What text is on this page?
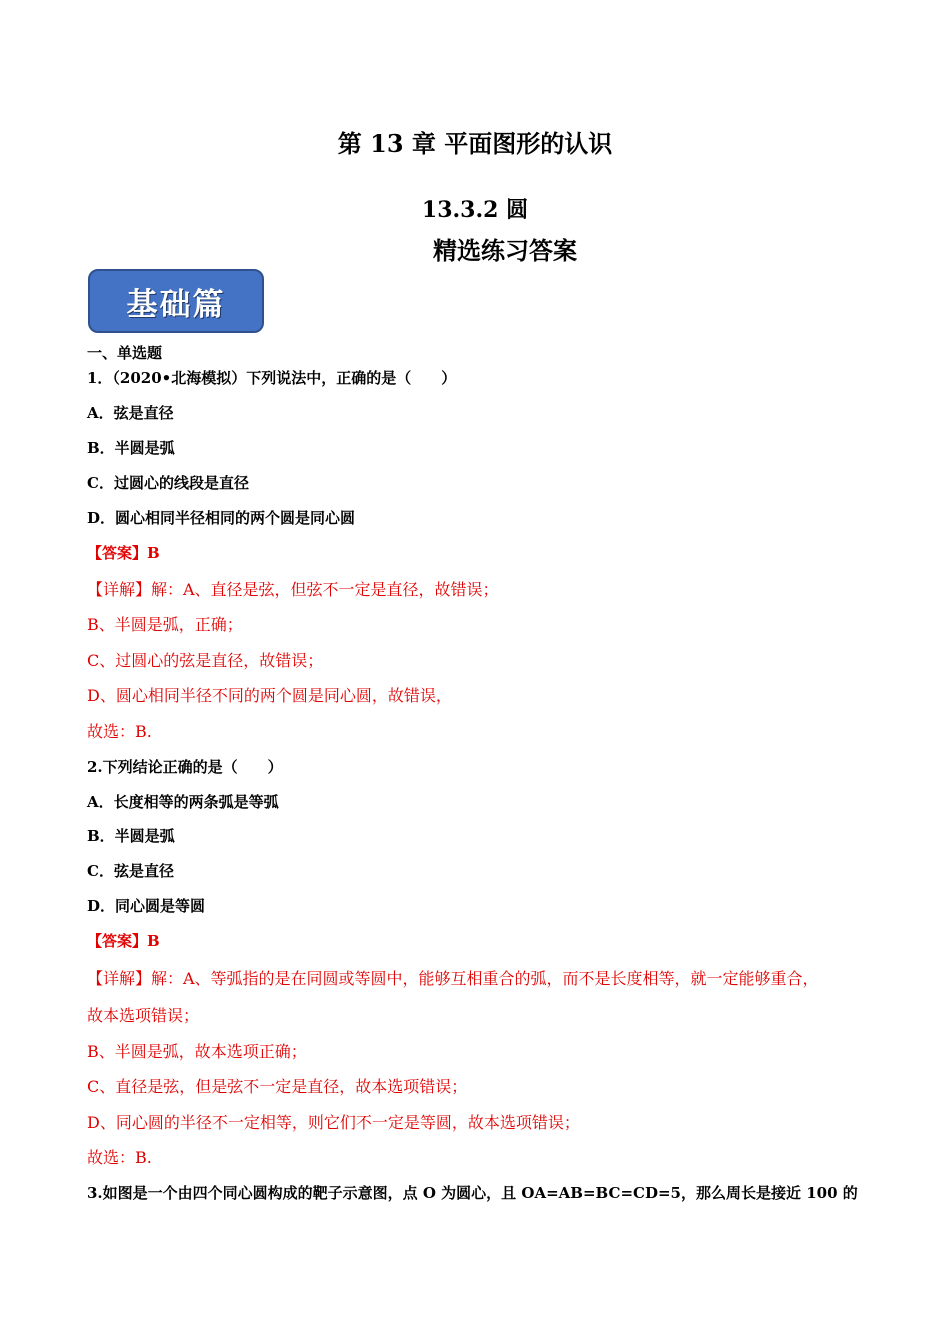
第 13 章 平面图形的认识
13.3.2 圆
精选练习答案
基础篇
一、单选题
1．（2020•北海模拟）下列说法中，正确的是（　　）
A．弦是直径
B．半圆是弧
C．过圆心的线段是直径
D．圆心相同半径相同的两个圆是同心圆
【答案】B
【详解】解：A、直径是弦，但弦不一定是直径，故错误；
B、半圆是弧，正确；
C、过圆心的弦是直径，故错误；
D、圆心相同半径不同的两个圆是同心圆，故错误，
故选：B.
2.下列结论正确的是（　　）
A．长度相等的两条弧是等弧
B．半圆是弧
C．弦是直径
D．同心圆是等圆
【答案】B
【详解】解：A、等弧指的是在同圆或等圆中，能够互相重合的弧，而不是长度相等，就一定能够重合，
故本选项错误；
B、半圆是弧，故本选项正确；
C、直径是弦，但是弦不一定是直径，故本选项错误；
D、同心圆的半径不一定相等，则它们不一定是等圆，故本选项错误；
故选：B.
3.如图是一个由四个同心圆构成的靶子示意图，点 O 为圆心，且 OA=AB=BC=CD=5，那么周长是接近 100 的
